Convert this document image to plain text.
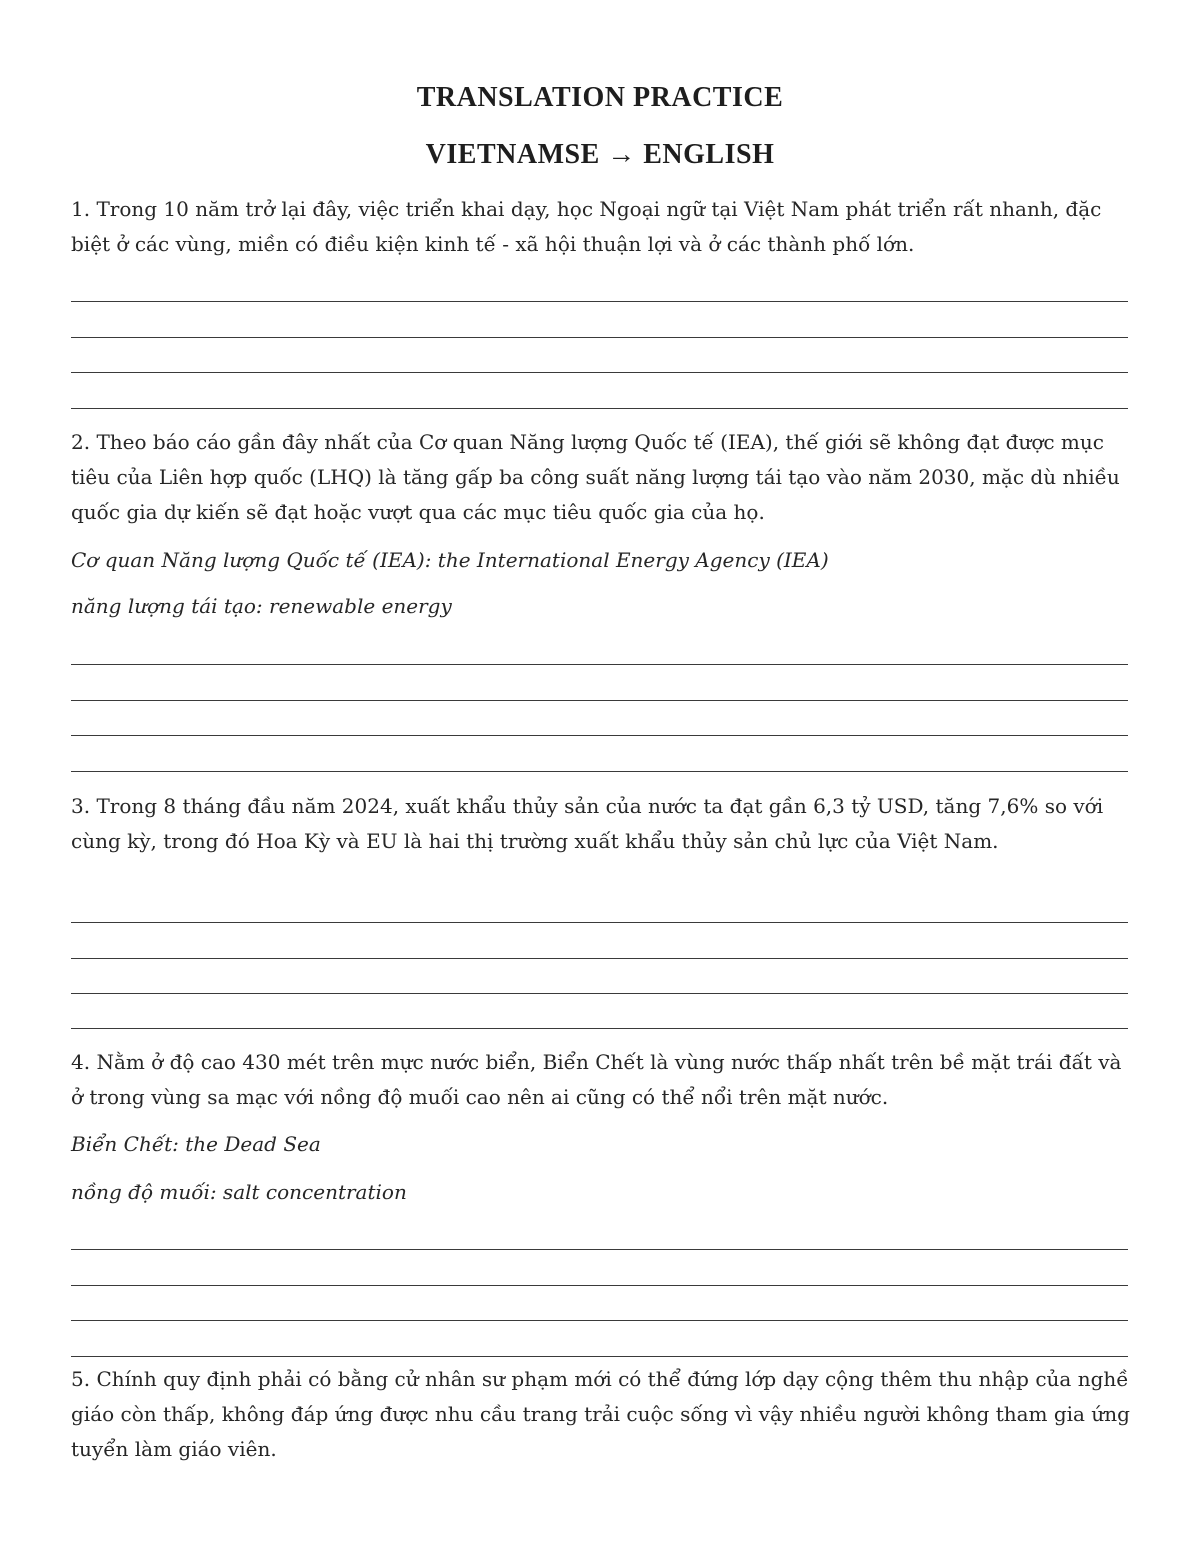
TRANSLATION PRACTICE
VIETNAMSE → ENGLISH
1. Trong 10 năm trở lại đây, việc triển khai dạy, học Ngoại ngữ tại Việt Nam phát triển rất nhanh, đặc biệt ở các vùng, miền có điều kiện kinh tế - xã hội thuận lợi và ở các thành phố lớn.
2. Theo báo cáo gần đây nhất của Cơ quan Năng lượng Quốc tế (IEA), thế giới sẽ không đạt được mục tiêu của Liên hợp quốc (LHQ) là tăng gấp ba công suất năng lượng tái tạo vào năm 2030, mặc dù nhiều quốc gia dự kiến sẽ đạt hoặc vượt qua các mục tiêu quốc gia của họ.
Cơ quan Năng lượng Quốc tế (IEA): the International Energy Agency (IEA)
năng lượng tái tạo: renewable energy
3. Trong 8 tháng đầu năm 2024, xuất khẩu thủy sản của nước ta đạt gần 6,3 tỷ USD, tăng 7,6% so với cùng kỳ, trong đó Hoa Kỳ và EU là hai thị trường xuất khẩu thủy sản chủ lực của Việt Nam.
4. Nằm ở độ cao 430 mét trên mực nước biển, Biển Chết là vùng nước thấp nhất trên bề mặt trái đất và ở trong vùng sa mạc với nồng độ muối cao nên ai cũng có thể nổi trên mặt nước.
Biển Chết: the Dead Sea
nồng độ muối: salt concentration
5. Chính quy định phải có bằng cử nhân sư phạm mới có thể đứng lớp dạy cộng thêm thu nhập của nghề giáo còn thấp, không đáp ứng được nhu cầu trang trải cuộc sống vì vậy nhiều người không tham gia ứng tuyển làm giáo viên.
